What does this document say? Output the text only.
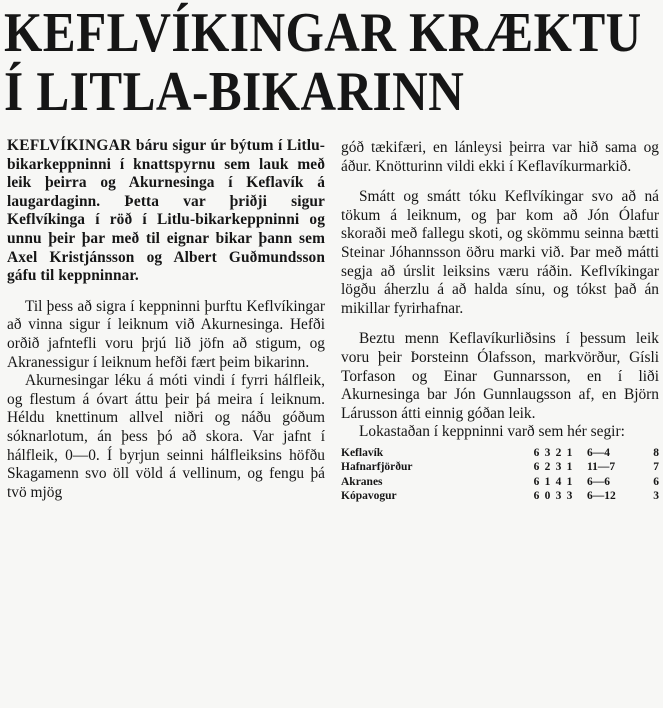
KEFLVÍKINGAR KRÆKTU
Í LITLA-BIKARINN

KEFLVÍKINGAR báru sigur úr býtum í Litlu-bikarkeppninni í knattspyrnu sem lauk með leik þeirra og Akurnesinga í Keflavík á laugardaginn. Þetta var þriðji sigur Keflvíkinga í röð í Litlu-bikarkeppninni og unnu þeir þar með til eignar bikar þann sem Axel Kristjánsson og Albert Guðmundsson gáfu til keppninnar.

Til þess að sigra í keppninni þurftu Keflvíkingar að vinna sigur í leiknum við Akurnesinga. Hefði orðið jafntefli voru þrjú lið jöfn að stigum, og Akranessigur í leiknum hefði fært þeim bikarinn.

Akurnesingar léku á móti vindi í fyrri hálfleik, og flestum á óvart áttu þeir þá meira í leiknum. Héldu knettinum allvel niðri og náðu góðum sóknarlotum, án þess þó að skora. Var jafnt í hálfleik, 0—0. Í byrjun seinni hálfleiksins höfðu Skagamenn svo öll völd á vellinum, og fengu þá tvö mjög

góð tækifæri, en lánleysi þeirra var hið sama og áður. Knötturinn vildi ekki í Keflavíkurmarkið.

Smátt og smátt tóku Keflvíkingar svo að ná tökum á leiknum, og þar kom að Jón Ólafur skoraði með fallegu skoti, og skömmu seinna bætti Steinar Jóhannsson öðru marki við. Þar með mátti segja að úrslit leiksins væru ráðin. Keflvíkingar lögðu áherzlu á að halda sínu, og tókst það án mikillar fyrirhafnar.

Beztu menn Keflavíkurliðsins í þessum leik voru þeir Þorsteinn Ólafsson, markvörður, Gísli Torfason og Einar Gunnarsson, en í liði Akurnesinga bar Jón Gunnlaugsson af, en Björn Lárusson átti einnig góðan leik.

Lokastaðan í keppninni varð sem hér segir:

Keflavík	6	3	2	1	6—4	8
Hafnarfjörður	6	2	3	1	11—7	7
Akranes	6	1	4	1	6—6	6
Kópavogur	6	0	3	3	6—12	3
